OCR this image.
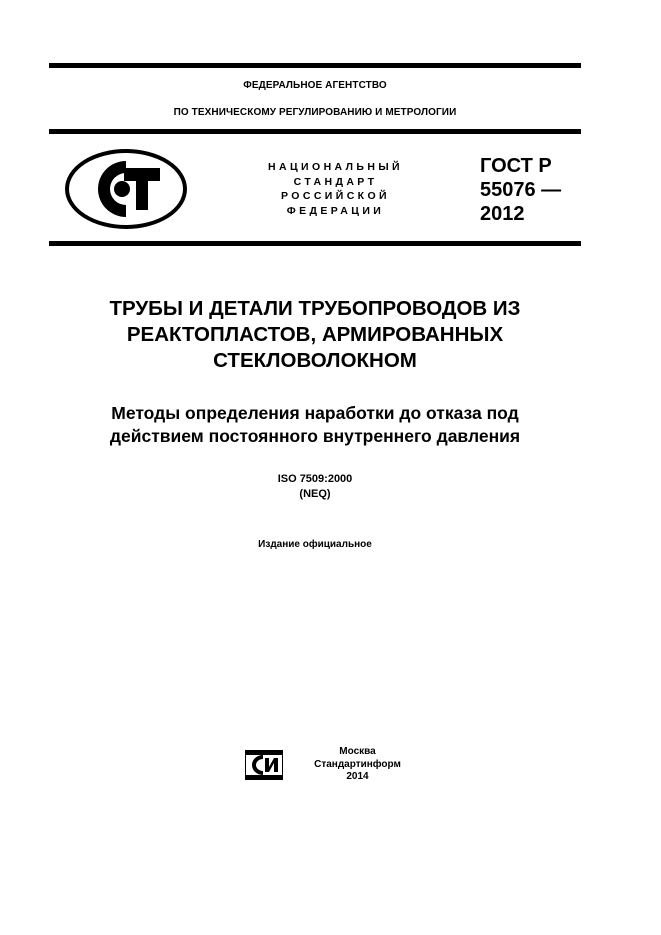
ФЕДЕРАЛЬНОЕ АГЕНТСТВО
ПО ТЕХНИЧЕСКОМУ РЕГУЛИРОВАНИЮ И МЕТРОЛОГИИ
НАЦИОНАЛЬНЫЙ
СТАНДАРТ
РОССИЙСКОЙ
ФЕДЕРАЦИИ
ГОСТ Р
55076 —
2012
ТРУБЫ И ДЕТАЛИ ТРУБОПРОВОДОВ ИЗ
РЕАКТОПЛАСТОВ, АРМИРОВАННЫХ
СТЕКЛОВОЛОКНОМ
Методы определения наработки до отказа под
действием постоянного внутреннего давления
ISO 7509:2000
(NEQ)
Издание официальное
Москва
Стандартинформ
2014
